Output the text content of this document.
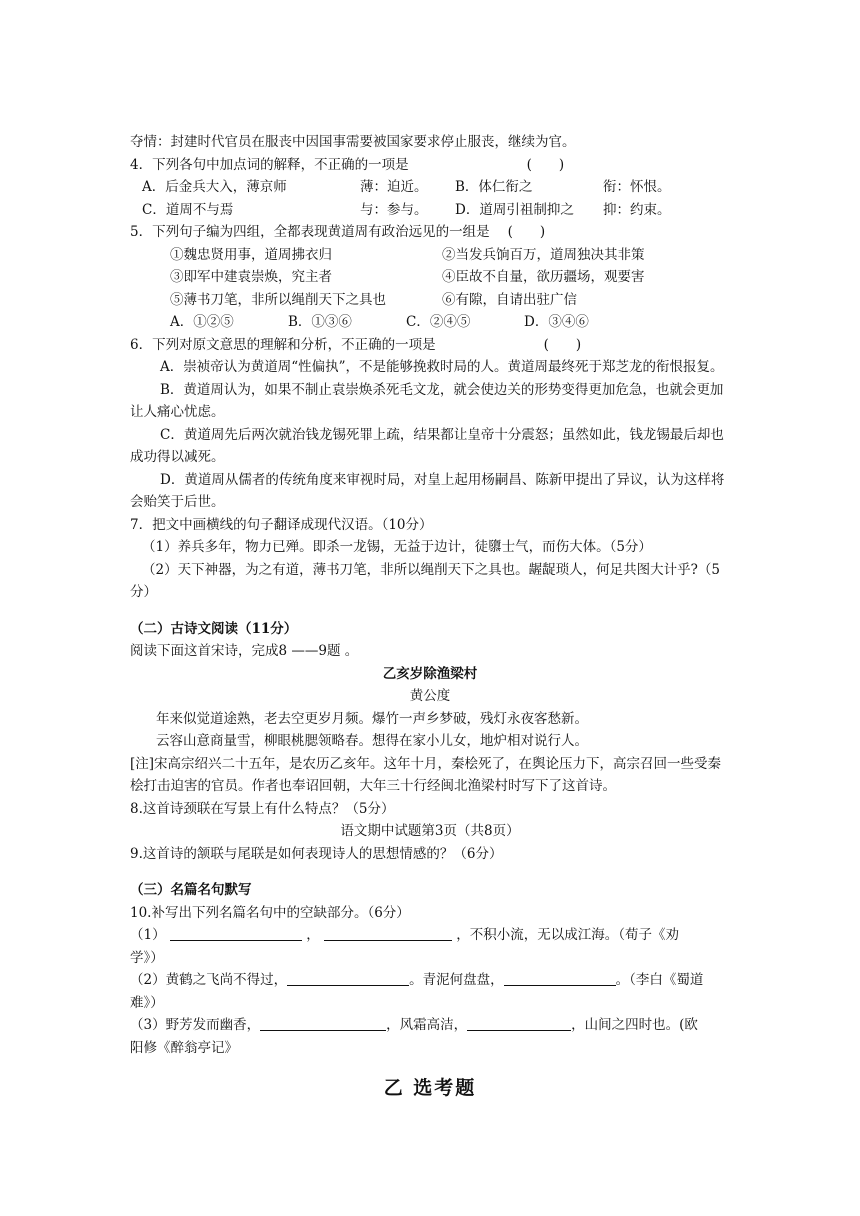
夺情：封建时代官员在服丧中因国事需要被国家要求停止服丧，继续为官。
4．下列各句中加点词的解释，不正确的一项是	(　　)
A．后金兵大入，薄京师	薄：迫近。 B．体仁衔之	衔：怀恨。
C．道周不与焉	与：参与。 D．道周引祖制抑之 抑：约束。
5．下列句子编为四组，全都表现黄道周有政治远见的一组是 (　　)
①魏忠贤用事，道周拂衣归	②当发兵饷百万，道周独决其非策
③即军中建袁崇焕，究主者	④臣故不自量，欲历疆场，观要害
⑤薄书刀笔，非所以绳削天下之具也	⑥有隙，自请出驻广信
A．①②⑤	B．①③⑥	C．②④⑤	D．③④⑥
6．下列对原文意思的理解和分析，不正确的一项是	(　　)
A．崇祯帝认为黄道周“性偏执”，不是能够挽救时局的人。黄道周最终死于郑芝龙的衔恨报复。
B．黄道周认为，如果不制止袁崇焕杀死毛文龙，就会使边关的形势变得更加危急，也就会更加让人痛心忧虑。
C．黄道周先后两次就治钱龙锡死罪上疏，结果都让皇帝十分震怒；虽然如此，钱龙锡最后却也成功得以减死。
D．黄道周从儒者的传统角度来审视时局，对皇上起用杨嗣昌、陈新甲提出了异议，认为这样将会贻笑于后世。
7．把文中画横线的句子翻译成现代汉语。（10分）
（1）养兵多年，物力已殚。即杀一龙锡，无益于边计，徒隳士气，而伤大体。（5分）
（2）天下神器，为之有道，薄书刀笔，非所以绳削天下之具也。龌龊琐人，何足共图大计乎?（5分）
（二）古诗文阅读（11分）
阅读下面这首宋诗，完成8 ——9题 。
乙亥岁除渔梁村
黄公度
年来似觉道途熟，老去空更岁月频。爆竹一声乡梦破，残灯永夜客愁新。
云容山意商量雪，柳眼桃腮领略春。想得在家小儿女，地炉相对说行人。
[注]宋高宗绍兴二十五年，是农历乙亥年。这年十月，秦桧死了，在舆论压力下，高宗召回一些受秦桧打击迫害的官员。作者也奉诏回朝，大年三十行经闽北渔梁村时写下了这首诗。
8.这首诗颈联在写景上有什么特点？（5分）
语文期中试题第3页（共8页）
9.这首诗的颔联与尾联是如何表现诗人的思想情感的？（6分）
（三）名篇名句默写
10.补写出下列名篇名句中的空缺部分。（6分）
（1）	，	，不积小流，无以成江海。（荀子《劝
学》）
（2）黄鹤之飞尚不得过，	。青泥何盘盘，	。（李白《蜀道
难》）
（3）野芳发而幽香，	，风霜高洁，	，山间之四时也。(欧
阳修《醉翁亭记》
乙 选考题
